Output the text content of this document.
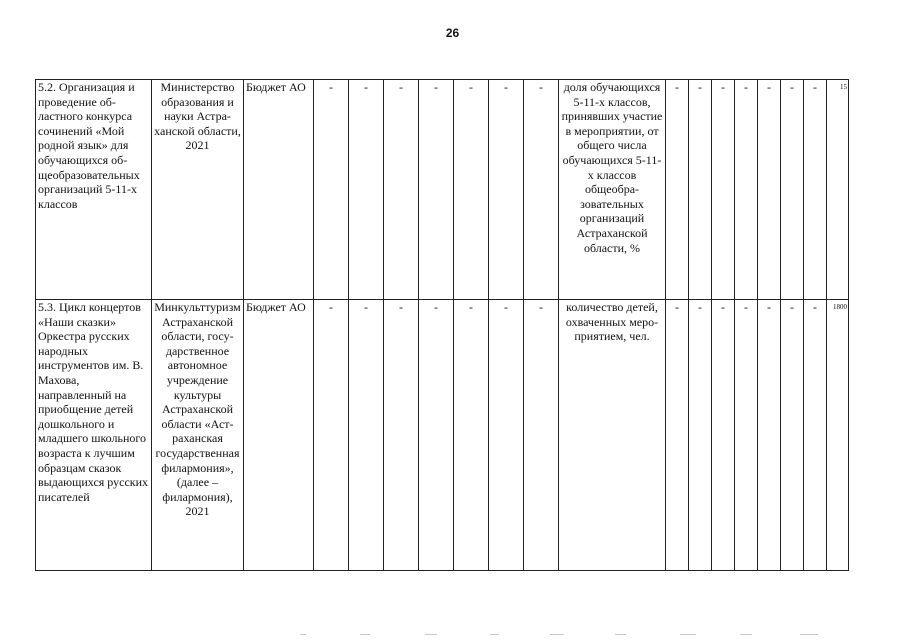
26
5.2. Организация и проведение областного конкурса сочинений «Мой родной язык» для обучающихся общеобразовательных организаций 5-11-х классов	Министерство образования и науки Астраханской области, 2021	Бюджет АО	-	-	-	-	-	-	-	доля обучающихся 5-11-х классов, принявших участие в мероприятии, от общего числа обучающихся 5-11-х классов общеобразовательных организаций Астраханской области, %	-	-	-	-	-	-	-	15
5.3. Цикл концертов «Наши сказки» Оркестра русских народных инструментов им. В. Махова, направленный на приобщение детей дошкольного и младшего школьного возраста к лучшим образцам сказок выдающихся русских писателей	Минкульттуризм Астраханской области, государственное автономное учреждение культуры Астраханской области «Астраханская государственная филармония», (далее – филармония), 2021	Бюджет АО	-	-	-	-	-	-	-	количество детей, охваченных мероприятием, чел.	-	-	-	-	-	-	-	1800
